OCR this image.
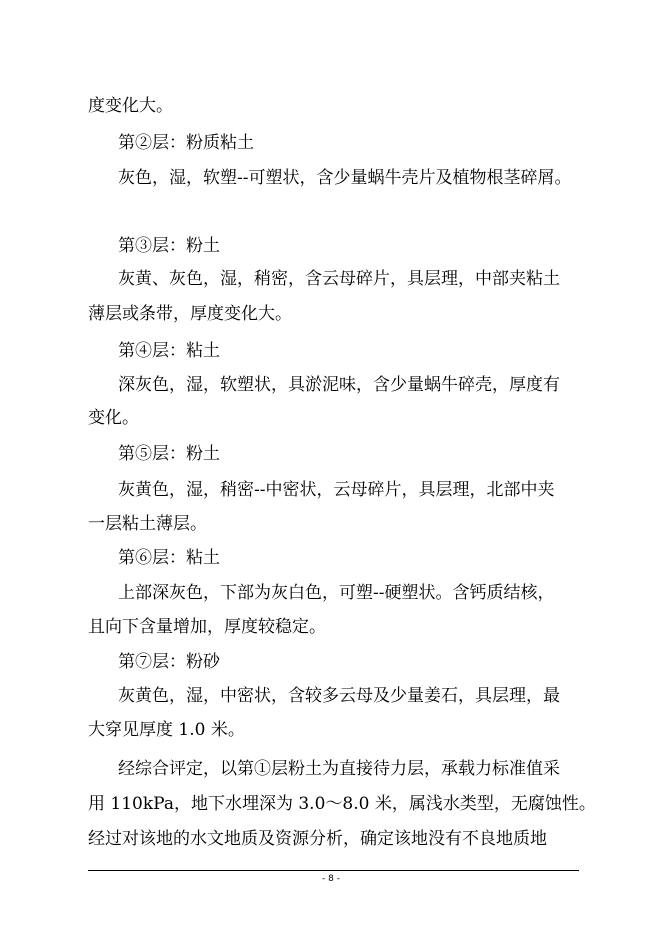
度变化大。
第②层：粉质粘土
灰色，湿，软塑--可塑状，含少量蜗牛壳片及植物根茎碎屑。
第③层：粉土
灰黄、灰色，湿，稍密，含云母碎片，具层理，中部夹粘土
薄层或条带，厚度变化大。
第④层：粘土
深灰色，湿，软塑状，具淤泥味，含少量蜗牛碎壳，厚度有
变化。
第⑤层：粉土
灰黄色，湿，稍密--中密状，云母碎片，具层理，北部中夹
一层粘土薄层。
第⑥层：粘土
上部深灰色，下部为灰白色，可塑--硬塑状。含钙质结核，
且向下含量增加，厚度较稳定。
第⑦层：粉砂
灰黄色，湿，中密状，含较多云母及少量姜石，具层理，最
大穿见厚度 1.0 米。
经综合评定，以第①层粉土为直接待力层，承载力标准值采
用 110kPa，地下水埋深为 3.0～8.0 米，属浅水类型，无腐蚀性。
经过对该地的水文地质及资源分析，确定该地没有不良地质地
- 8 -
